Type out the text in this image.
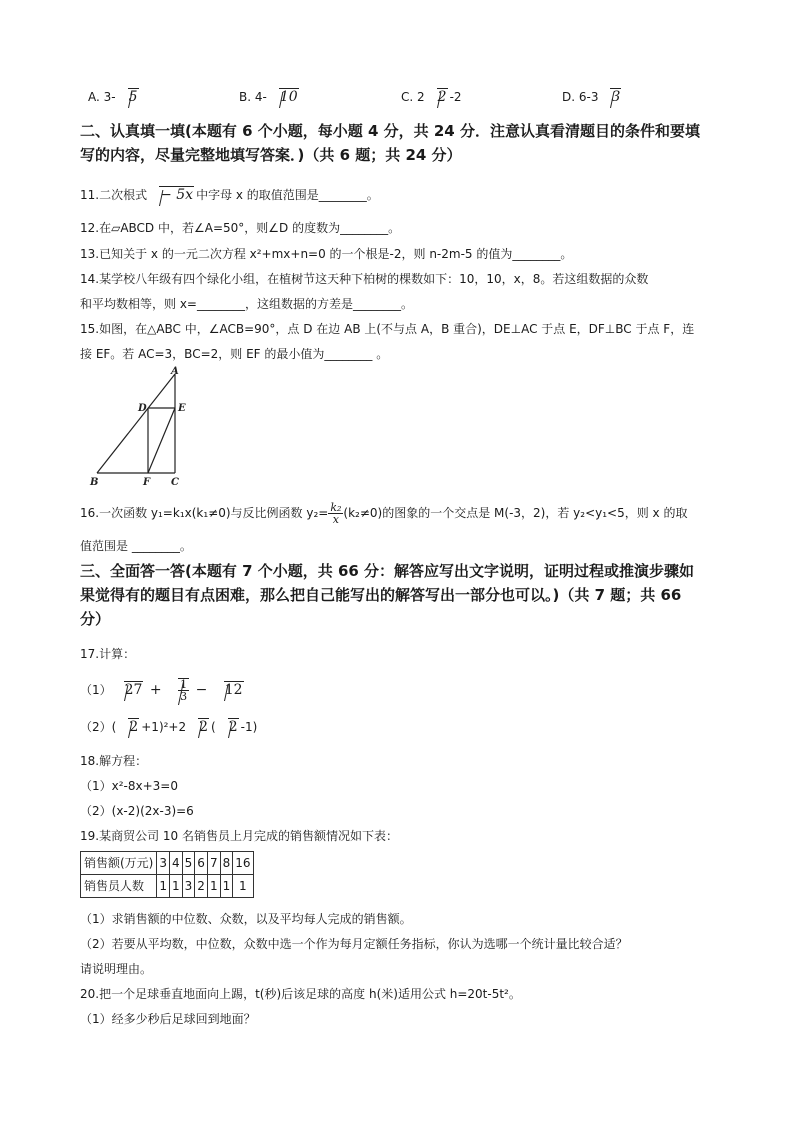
A. 3- 5	B. 4- 10	C. 2 2 -2	D. 6-3 3
二、认真填一填(本题有 6 个小题，每小题 4 分，共 24 分．注意认真看清题目的条件和要填
写的内容，尽量完整地填写答案．)（共 6 题；共 24 分）
11.二次根式 − 5x 中字母 x 的取值范围是________。
12.在▱ABCD 中，若∠A=50°，则∠D 的度数为________。
13.已知关于 x 的一元二次方程 x²+mx+n=0 的一个根是-2，则 n-2m-5 的值为________。
14.某学校八年级有四个绿化小组，在植树节这天种下柏树的棵数如下：10，10，x，8。若这组数据的众数
和平均数相等，则 x=________，这组数据的方差是________。
15.如图，在△ABC 中，∠ACB=90°，点 D 在边 AB 上(不与点 A，B 重合)，DE⊥AC 于点 E，DF⊥BC 于点 F，连
接 EF。若 AC=3，BC=2，则 EF 的最小值为________ 。
A
D	E
B	F C
16.一次函数 y₁=k₁x(k₁≠0)与反比例函数 $y_2= \frac{\text{k₂}}{x} (k_2\ne 0)$的图象的一个交点是 M(-3，2)，若 y₂<y₁<5，则 x 的取
值范围是 ________。
三、全面答一答(本题有 7 个小题，共 66 分：解答应写出文字说明，证明过程或推演步骤如
果觉得有的题目有点困难，那么把自己能写出的解答写出一部分也可以。)（共 7 题；共 66
分）
17.计算：
（1） $27 + \frac{1}{3} - 12$
（2）( 2 +1)²+2 2 ( 2 -1)
18.解方程：
（1）x²-8x+3=0
（2）(x-2)(2x-3)=6
19.某商贸公司 10 名销售员上月完成的销售额情况如下表：
销售额(万元)	3	4	5	6	7	8	16
销售员人数	1	1	3	2	1	1	1
（1）求销售额的中位数、众数，以及平均每人完成的销售额。
（2）若要从平均数，中位数，众数中选一个作为每月定额任务指标，你认为选哪一个统计量比较合适？
请说明理由。
20.把一个足球垂直地面向上踢，t(秒)后该足球的高度 h(米)适用公式 h=20t-5t²。
（1）经多少秒后足球回到地面？
